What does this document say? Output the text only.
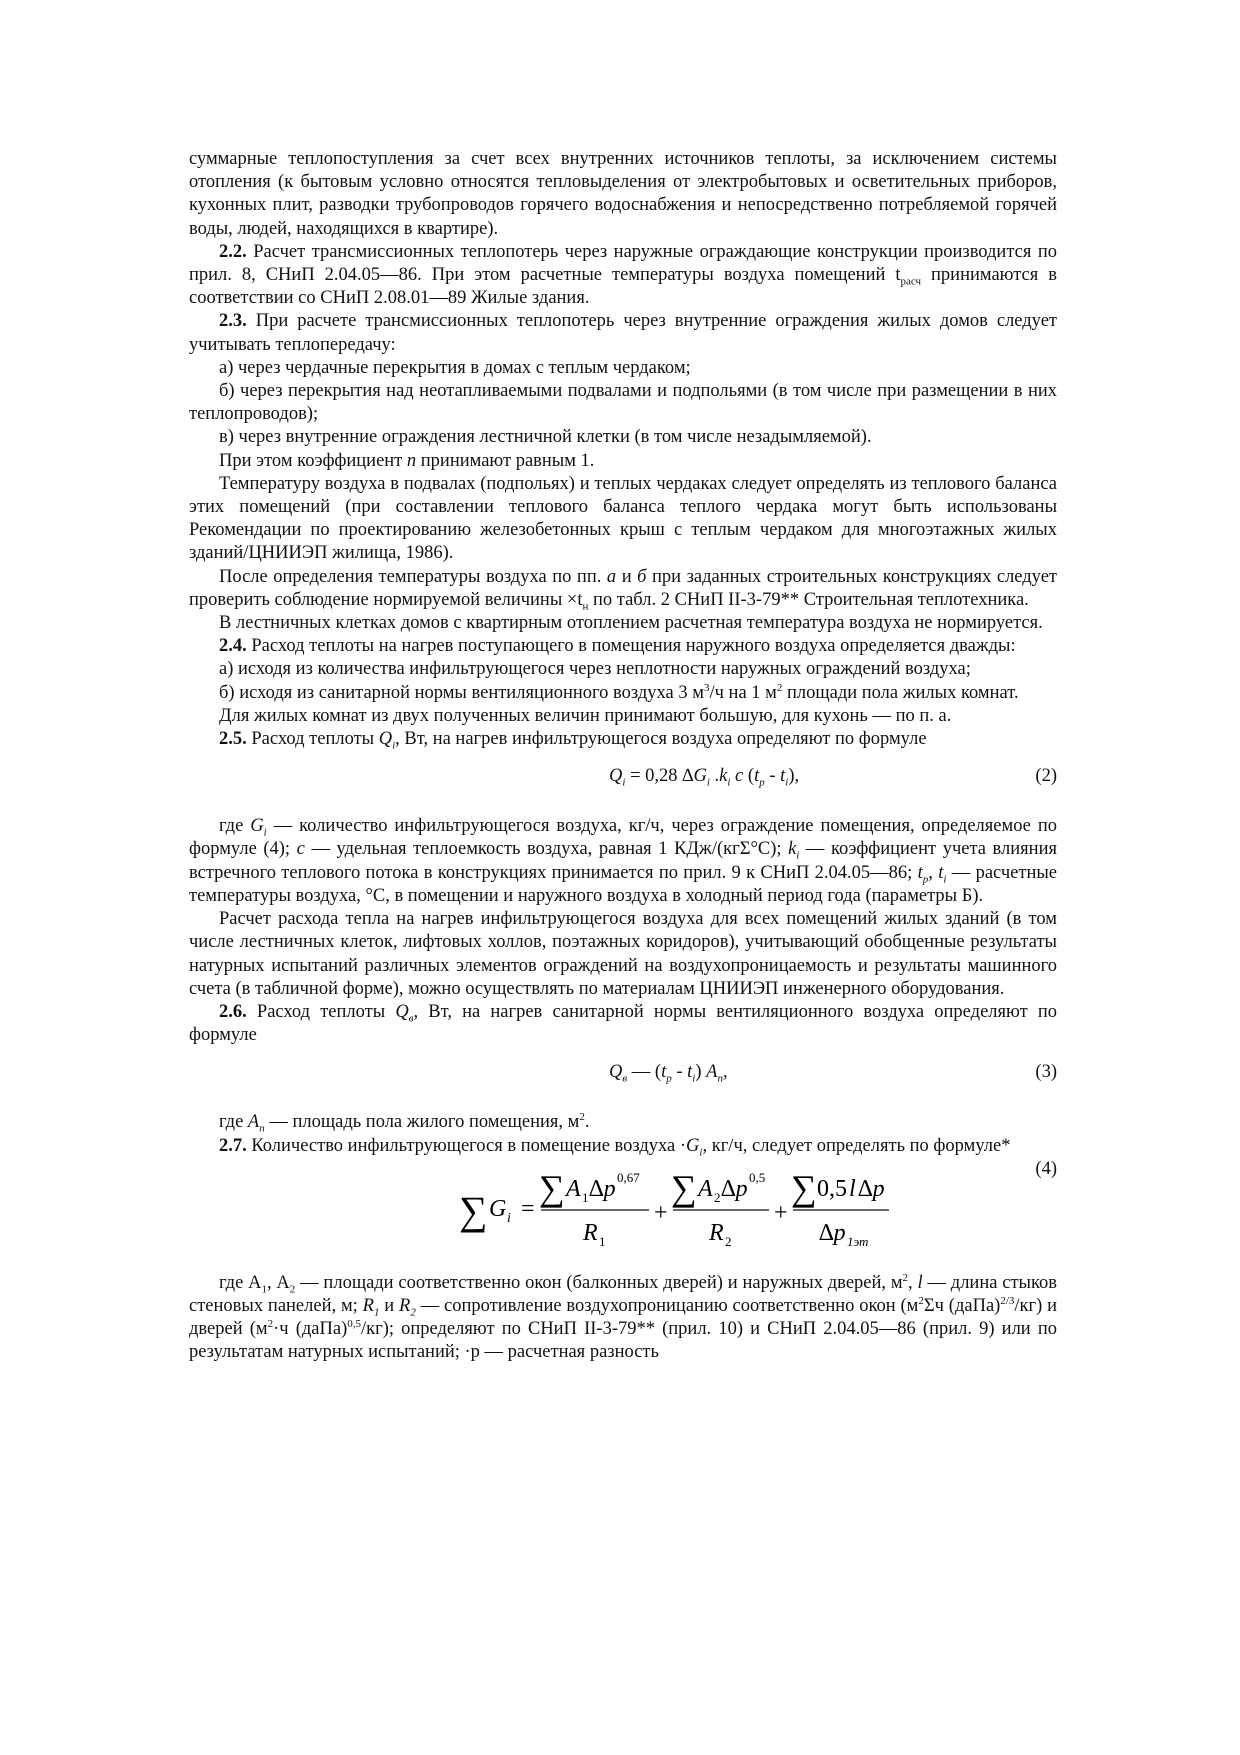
суммарные теплопоступления за счет всех внутренних источников теплоты, за исключением системы отопления (к бытовым условно относятся тепловыделения от электробытовых и осветительных приборов, кухонных плит, разводки трубопроводов горячего водоснабжения и непосредственно потребляемой горячей воды, людей, находящихся в квартире).

2.2. Расчет трансмиссионных теплопотерь через наружные ограждающие конструкции производится по прил. 8, СНиП 2.04.05—86. При этом расчетные температуры воздуха помещений $t_{расч}$ принимаются в соответствии со СНиП 2.08.01—89 Жилые здания.

2.3. При расчете трансмиссионных теплопотерь через внутренние ограждения жилых домов следует учитывать теплопередачу:

а) через чердачные перекрытия в домах с теплым чердаком;

б) через перекрытия над неотапливаемыми подвалами и подпольями (в том числе при размещении в них теплопроводов);

в) через внутренние ограждения лестничной клетки (в том числе незадымляемой).

При этом коэффициент n принимают равным 1.

Температуру воздуха в подвалах (подпольях) и теплых чердаках следует определять из теплового баланса этих помещений (при составлении теплового баланса теплого чердака могут быть использованы Рекомендации по проектированию железобетонных крыш с теплым чердаком для многоэтажных жилых зданий/ЦНИИЭП жилища, 1986).

После определения температуры воздуха по пп. а и б при заданных строительных конструкциях следует проверить соблюдение нормируемой величины $\times t_н$ по табл. 2 СНиП II-3-79** Строительная теплотехника.

В лестничных клетках домов с квартирным отоплением расчетная температура воздуха не нормируется.

2.4. Расход теплоты на нагрев поступающего в помещения наружного воздуха определяется дважды:

а) исходя из количества инфильтрующегося через неплотности наружных ограждений воздуха;

б) исходя из санитарной нормы вентиляционного воздуха 3 $м^3/ч$ на 1 $м^2$ площади пола жилых комнат.

Для жилых комнат из двух полученных величин принимают большую, для кухонь — по п. а.

2.5. Расход теплоты $Q_i$, Вт, на нагрев инфильтрующегося воздуха определяют по формуле

$Q_i = 0,28$ $\Delta G_i$ $.k_i$ c $(t_р - t_i)$,	(2)

где $G_i$ — количество инфильтрующегося воздуха, кг/ч, через ограждение помещения, определяемое по формуле (4); с — удельная теплоемкость воздуха, равная 1 КДж/(кгΣ°С); $k_i$ — коэффициент учета влияния встречного теплового потока в конструкциях принимается по прил. 9 к СНиП 2.04.05—86; $t_р$, $t_i$ — расчетные температуры воздуха, °С, в помещении и наружного воздуха в холодный период года (параметры Б).

Расчет расхода тепла на нагрев инфильтрующегося воздуха для всех помещений жилых зданий (в том числе лестничных клеток, лифтовых холлов, поэтажных коридоров), учитывающий обобщенные результаты натурных испытаний различных элементов ограждений на воздухопроницаемость и результаты машинного счета (в табличной форме), можно осуществлять по материалам ЦНИИЭП инженерного оборудования.

2.6. Расход теплоты $Q_в$, Вт, на нагрев санитарной нормы вентиляционного воздуха определяют по формуле

$Q_в$ — $(t_р - t_i)$ $A_п$,	(3)

где $A_п$ — площадь пола жилого помещения, $м^2$.

2.7. Количество инфильтрующегося в помещение воздуха $\cdot G_i$, кг/ч, следует определять по формуле*

(4)
∑ G i =
∑ A 1 ∆p 0,67
R 1
+
∑ A 2 ∆p 0,5
R 2
+
∑ 0,5 l ∆p
∆p 1эт

где $А_1$, $А_2$ — площади соответственно окон (балконных дверей) и наружных дверей, $м^2$, l — длина стыков стеновых панелей, м; $R_1$ и $R_2$ — сопротивление воздухопроницанию соответственно окон ($м^2\Sigma ч$ (даПа)$^{2/3}$/кг) и дверей ($м^2\cdot ч$ (даПа)$^{0,5}$/кг); определяют по СНиП II-3-79** (прил. 10) и СНиП 2.04.05—86 (прил. 9) или по результатам натурных испытаний; ·р — расчетная разность
